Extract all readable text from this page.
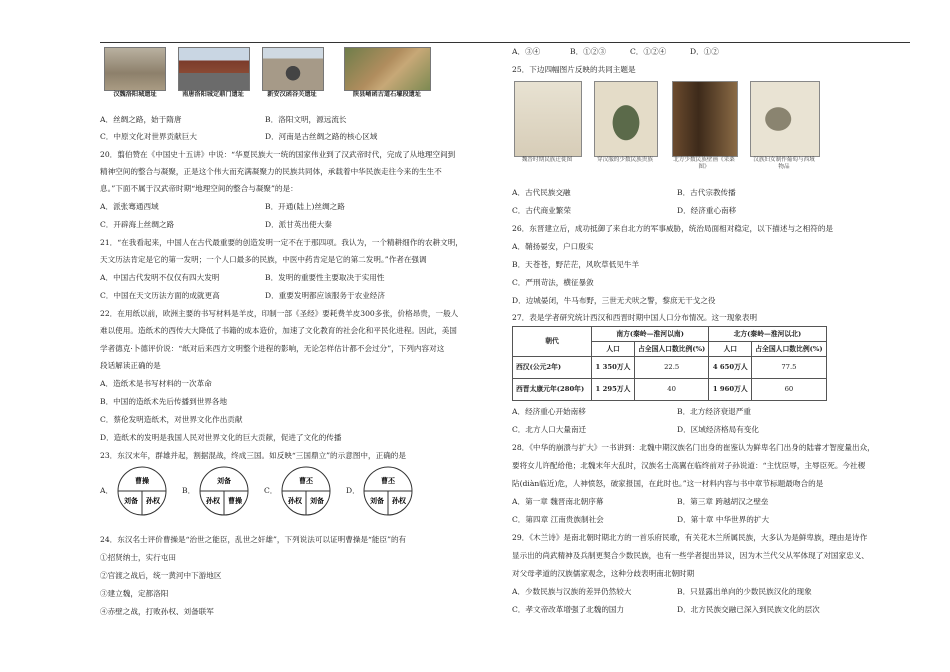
汉魏洛阳城遗址	南唐洛阳城定鼎门遗址	新安汉函谷关遗址	陕县崤函古道石壕段遗址

A．丝绸之路，始于隋唐	B．洛阳文明，源远流长

C．中原文化对世界贡献巨大	D．河南是古丝绸之路的核心区域

20．翦伯赞在《中国史十五讲》中说：“华夏民族大一统的国家伟业到了汉武帝时代，完成了从地理空间到

精神空间的整合与凝聚，正是这个伟大而充满凝聚力的民族共同体，承载着中华民族走往今来的生生不

息。”下面不属于汉武帝时期“地理空间的整合与凝聚”的是：

A．派张骞通西域	B．开通(陆上)丝绸之路

C．开辟海上丝绸之路	D．派甘英出使大秦

21．“在我看起来，中国人在古代最重要的创造发明一定不在于那四项。我认为，一个精耕细作的农耕文明，

天文历法肯定是它的第一发明；一个人口最多的民族，中医中药肯定是它的第二发明。”作者在强调

A．中国古代发明不仅仅有四大发明	B．发明的重要性主要取决于实用性

C．中国在天文历法方面的成就更高	D．重要发明都应该服务于农业经济

22．在用纸以前，欧洲主要的书写材料是羊皮，印制一部《圣经》要耗费羊皮300多张，价格昂贵，一般人

难以使用。造纸术的西传大大降低了书籍的成本造价，加速了文化教育的社会化和平民化进程。因此，美国

学者德克·卜德评价说：“纸对后来西方文明整个进程的影响，无论怎样估计都不会过分”，下列内容对这

段话解读正确的是

A．造纸术是书写材料的一次革命

B．中国的造纸术先后传播到世界各地

C．蔡伦发明造纸术，对世界文化作出贡献

D．造纸术的发明是我国人民对世界文化的巨大贡献，促进了文化的传播

23．东汉末年，群雄并起，割据混战，终成三国。如反映“三国鼎立”的示意图中，正确的是

A．
曹操
刘备 孙权
B．
刘备
孙权 曹操
C．
曹丕
孙权 刘备
D．
曹丕
刘备 孙权

24．东汉名士评价曹操是“治世之能臣，乱世之奸雄”，下列说法可以证明曹操是“能臣”的有

①招贤纳士，实行屯田

②官渡之战后，统一黄河中下游地区

③建立魏，定都洛阳

④赤壁之战，打败孙权、刘备联军

A．③④	B．①②③	C．①②④	D．①②

25．下边四幅图片反映的共同主题是

魏晋时期民族迁徙图	穿汉服的少数民族贵族	北方少数民族壁画《采桑图》
汉族妇女制作葡萄与西域物品

A．古代民族交融	B．古代宗教传播

C．古代商业繁荣	D．经济重心南移

26．东晋建立后，成功抵御了来自北方的军事威胁，统治局面相对稳定，以下描述与之相符的是

A．鞘扬晏安，户口殷实

B．天苍苍，野茫茫，风吹草低见牛羊

C．严刑苛法，横征暴敛

D．边城晏闭，牛马布野，三世无犬吠之警，黎庶无干戈之役

27．表是学者研究统计西汉和西晋时期中国人口分布情况。这一现象表明

朝代	南方(秦岭—淮河以南)		北方(秦岭—淮河以北)	
	人口	占全国人口数比例(%)	人口	占全国人口数比例(%)
西汉(公元2年)	1 350万人	22.5	4 650万人	77.5
西晋太康元年(280年)	1 295万人	40	1 960万人	60

A．经济重心开始南移	B．北方经济衰退严重

C．北方人口大量南迁	D．区域经济格局有变化

28．《中华的崩溃与扩大》一书讲到：北魏中期汉族名门出身的崔鉴认为鲜卑名门出身的陆睿才智度量出众，

要将女儿许配给他；北魏末年大乱时，汉族名士高翼在临终前对子孙说道：“主忧臣辱，主辱臣死。今社稷

阽(diàn临近)危，人神愤怒，破家报国，在此时也。”这一材料内容与书中章节标题最吻合的是

A．第一章 魏晋南北朝序幕	B．第三章 跨越胡汉之壁垒

C．第四章 江南贵族制社会	D．第十章 中华世界的扩大

29．《木兰诗》是南北朝时期北方的一首乐府民歌，有关花木兰所属民族，大多认为是鲜卑族，理由是诗作

显示出的尚武精神及兵制更契合少数民族，也有一些学者提出异议，因为木兰代父从军体现了对国家忠义、

对父母孝道的汉族儒家观念，这种分歧表明南北朝时期

A．少数民族与汉族的差异仍然较大	B．只显露出单向的少数民族汉化的现象

C．孝文帝改革增强了北魏的国力	D．北方民族交融已深入到民族文化的层次
